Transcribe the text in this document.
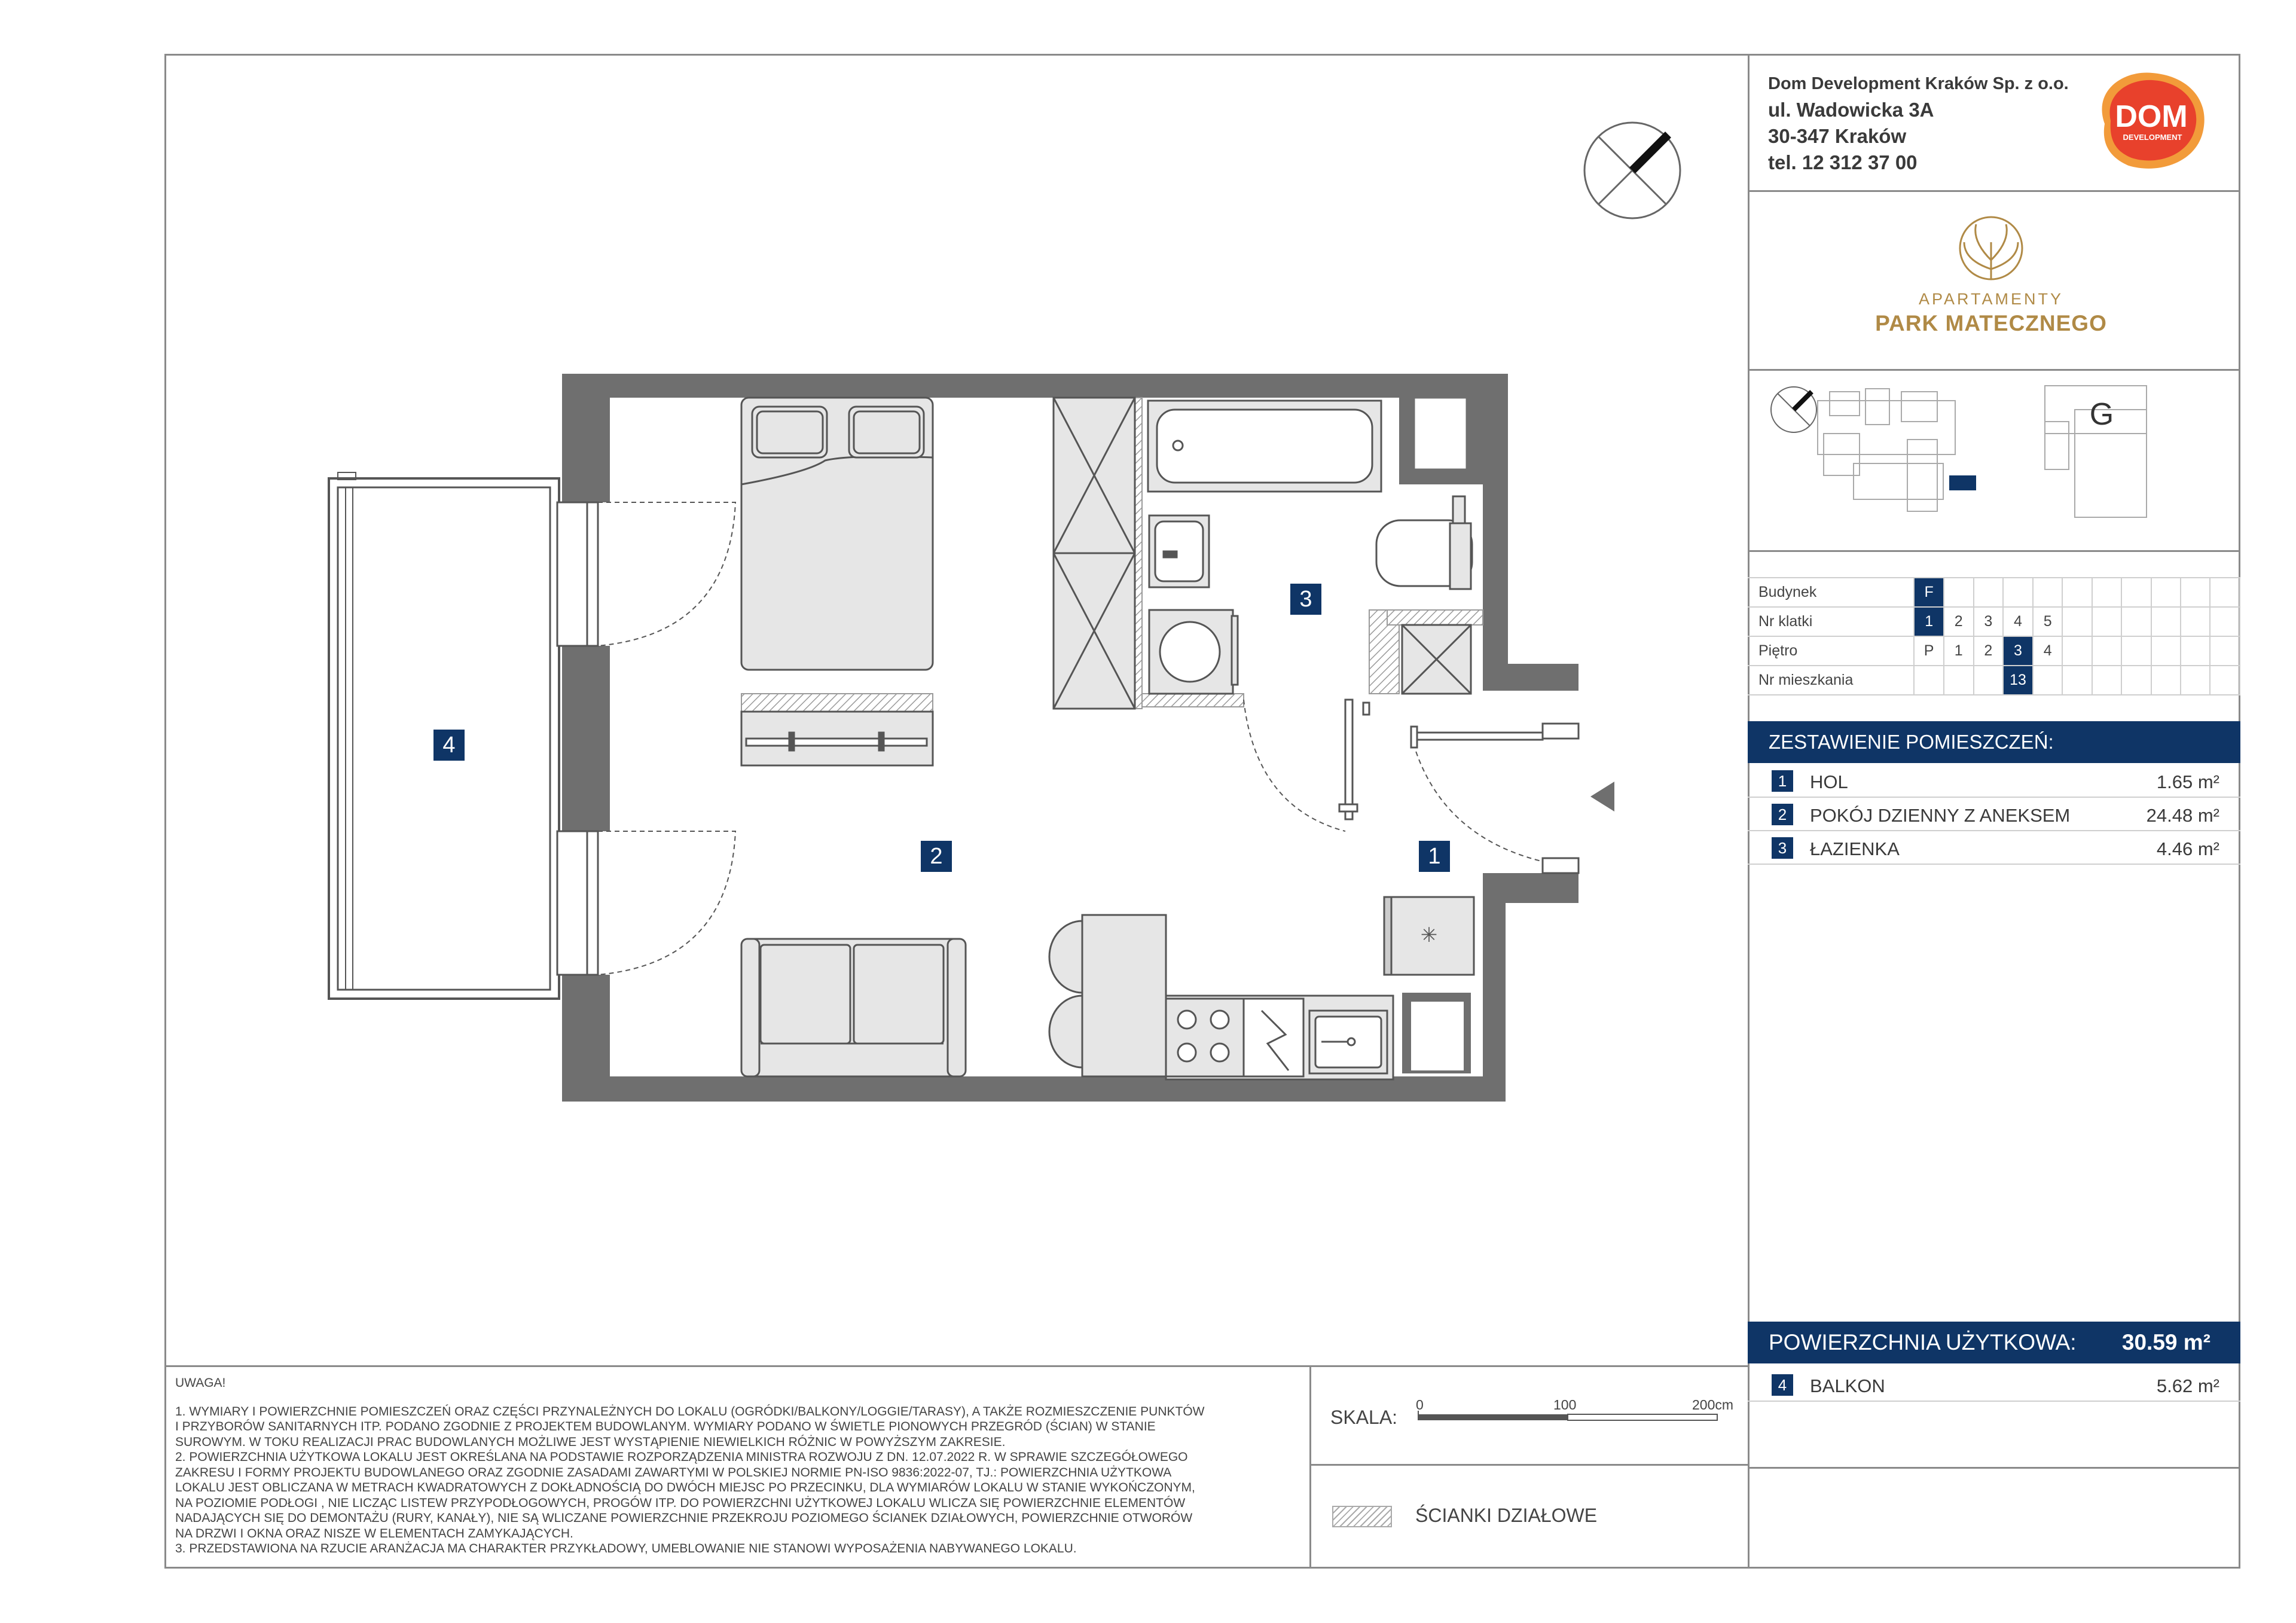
✳
1
2
3
4
Dom Development Kraków Sp. z o.o.
ul. Wadowicka 3A
30-347 Kraków
tel. 12 312 37 00
DOM
DEVELOPMENT
APARTAMENTY
PARK MATECZNEGO
G
Budynek	F										
Nr klatki	1	2	3	4	5						
Piętro	P	1	2	3	4						
Nr mieszkania				13							
ZESTAWIENIE POMIESZCZEŃ:
1	HOL	1.65 m²
2	POKÓJ DZIENNY Z ANEKSEM	24.48 m²
3	ŁAZIENKA	4.46 m²
POWIERZCHNIA UŻYTKOWA: 30.59 m²
4	BALKON	5.62 m²
UWAGA!
1. WYMIARY I POWIERZCHNIE POMIESZCZEŃ ORAZ CZĘŚCI PRZYNALEŻNYCH DO LOKALU (OGRÓDKI/BALKONY/LOGGIE/TARASY), A TAKŻE ROZMIESZCZENIE PUNKTÓW
I PRZYBORÓW SANITARNYCH ITP. PODANO ZGODNIE Z PROJEKTEM BUDOWLANYM. WYMIARY PODANO W ŚWIETLE PIONOWYCH PRZEGRÓD (ŚCIAN) W STANIE
SUROWYM. W TOKU REALIZACJI PRAC BUDOWLANYCH MOŻLIWE JEST WYSTĄPIENIE NIEWIELKICH RÓŻNIC W POWYŻSZYM ZAKRESIE.
2. POWIERZCHNIA UŻYTKOWA LOKALU JEST OKREŚLANA NA PODSTAWIE ROZPORZĄDZENIA MINISTRA ROZWOJU Z DN. 12.07.2022 R. W SPRAWIE SZCZEGÓŁOWEGO
ZAKRESU I FORMY PROJEKTU BUDOWLANEGO ORAZ ZGODNIE ZASADAMI ZAWARTYMI W POLSKIEJ NORMIE PN-ISO 9836:2022-07, TJ.: POWIERZCHNIA UŻYTKOWA
LOKALU JEST OBLICZANA W METRACH KWADRATOWYCH Z DOKŁADNOŚCIĄ DO DWÓCH MIEJSC PO PRZECINKU, DLA WYMIARÓW LOKALU W STANIE WYKOŃCZONYM,
NA POZIOMIE PODŁOGI , NIE LICZĄC LISTEW PRZYPODŁOGOWYCH, PROGÓW ITP. DO POWIERZCHNI UŻYTKOWEJ LOKALU WLICZA SIĘ POWIERZCHNIE ELEMENTÓW
NADAJĄCYCH SIĘ DO DEMONTAŻU (RURY, KANAŁY), NIE SĄ WLICZANE POWIERZCHNIE PRZEKROJU POZIOMEGO ŚCIANEK DZIAŁOWYCH, POWIERZCHNIE OTWORÓW
NA DRZWI I OKNA ORAZ NISZE W ELEMENTACH ZAMYKAJĄCYCH.
3. PRZEDSTAWIONA NA RZUCIE ARANŻACJA MA CHARAKTER PRZYKŁADOWY, UMEBLOWANIE NIE STANOWI WYPOSAŻENIA NABYWANEGO LOKALU.
SKALA:
0	100	200cm
ŚCIANKI DZIAŁOWE
